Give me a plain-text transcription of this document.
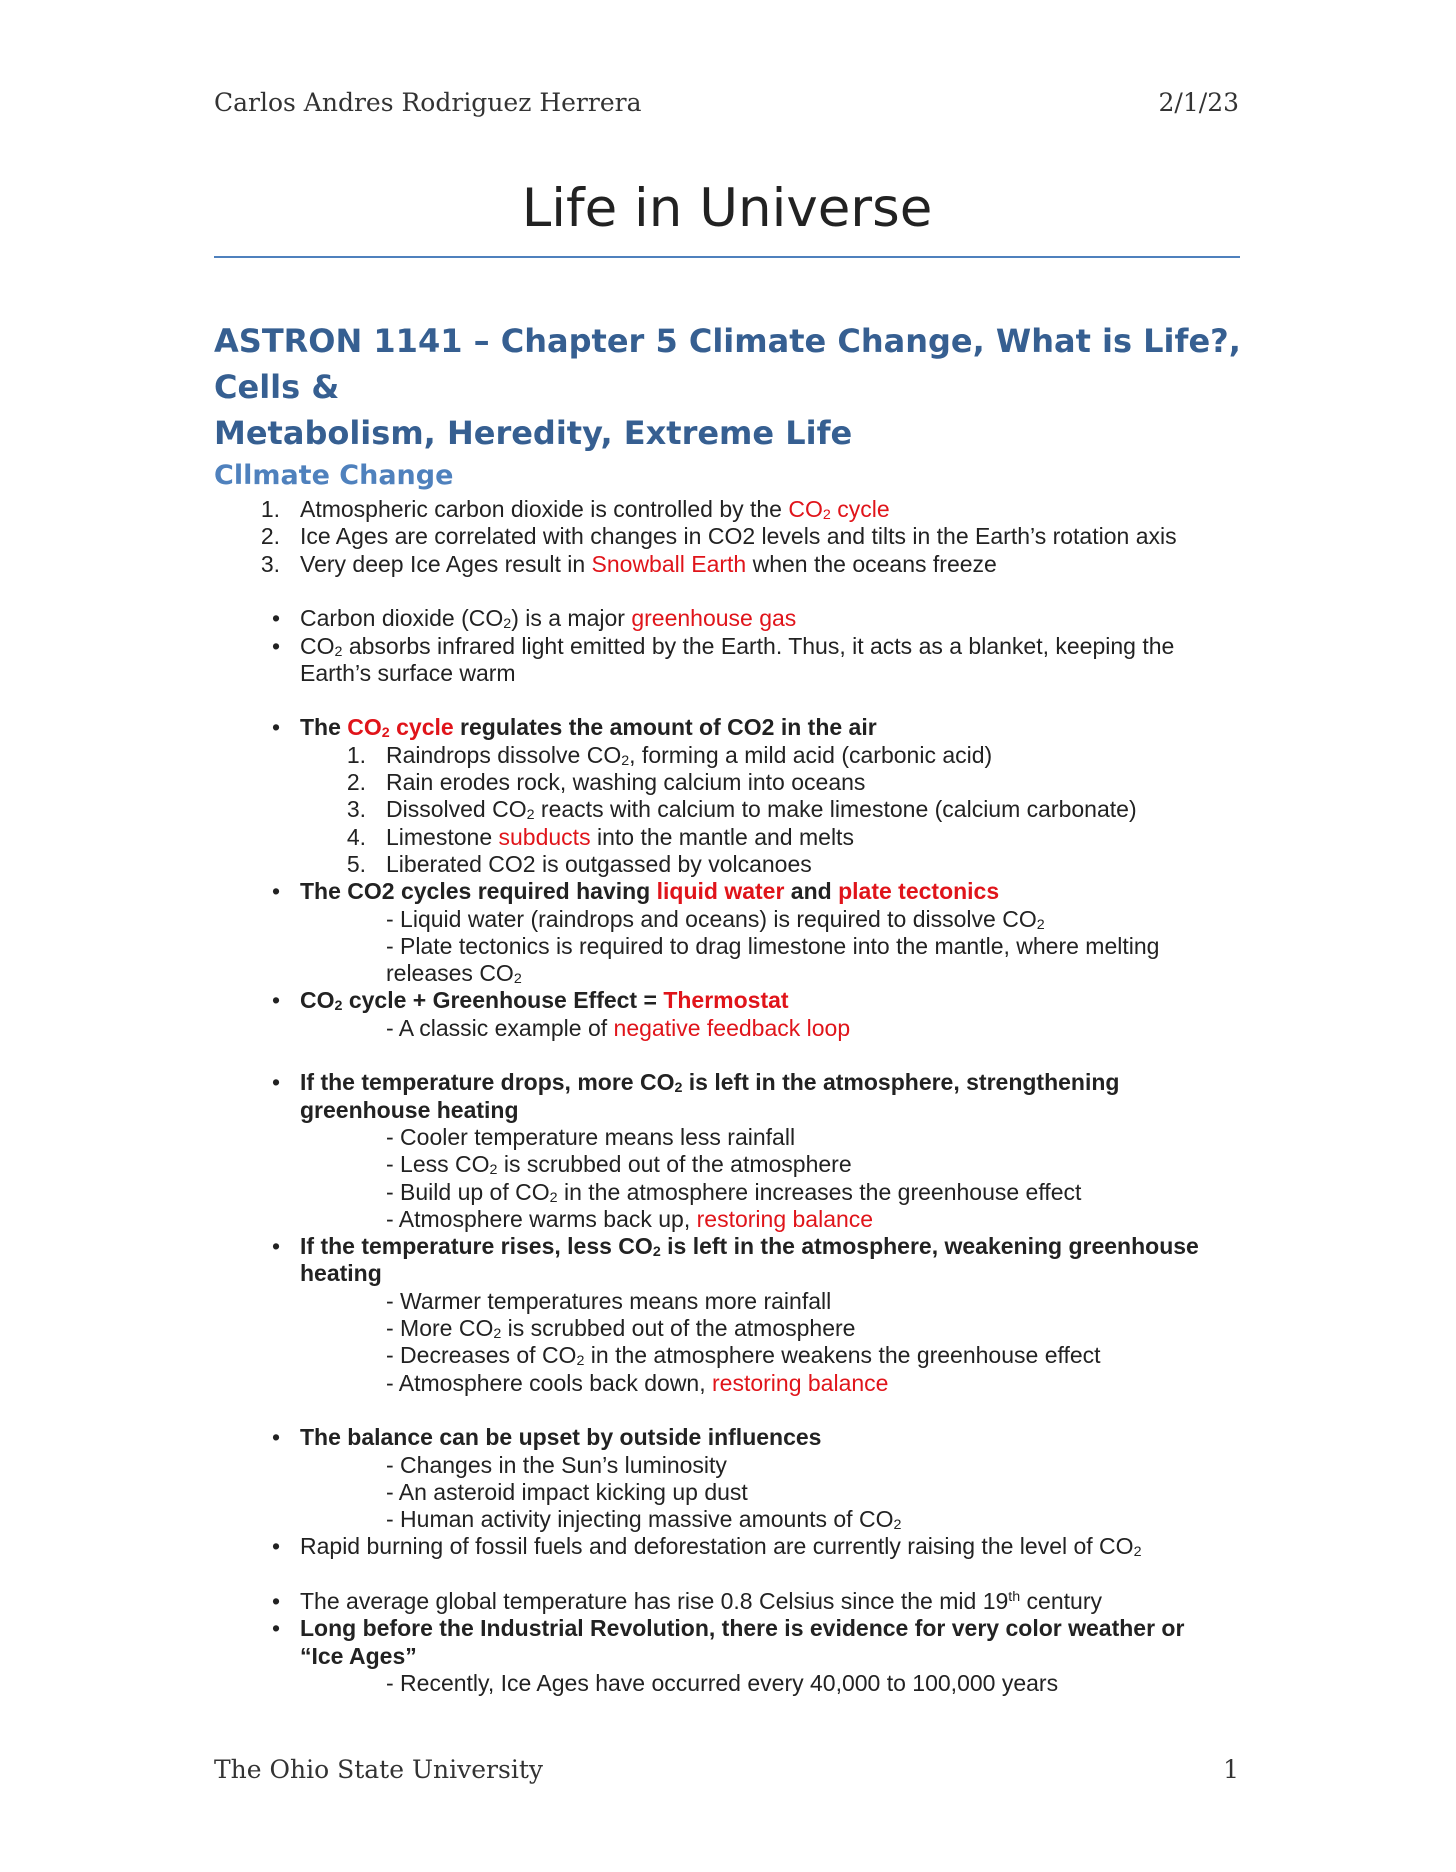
Carlos Andres Rodriguez Herrera	2/1/23
Life in Universe
ASTRON 1141 – Chapter 5 Climate Change, What is Life?, Cells &
Metabolism, Heredity, Extreme Life
Cllmate Change
1. Atmospheric carbon dioxide is controlled by the $CO_2$ cycle
2. Ice Ages are correlated with changes in CO2 levels and tilts in the Earth’s rotation axis
3. Very deep Ice Ages result in Snowball Earth when the oceans freeze
• Carbon dioxide $(CO_2)$ is a major greenhouse gas
• $CO_2$ absorbs infrared light emitted by the Earth. Thus, it acts as a blanket, keeping the
Earth’s surface warm
• The $CO_2$ cycle regulates the amount of CO2 in the air
1. Raindrops dissolve $CO_2$, forming a mild acid (carbonic acid)
2. Rain erodes rock, washing calcium into oceans
3. Dissolved $CO_2$ reacts with calcium to make limestone (calcium carbonate)
4. Limestone subducts into the mantle and melts
5. Liberated CO2 is outgassed by volcanoes
• The CO2 cycles required having liquid water and plate tectonics
- Liquid water (raindrops and oceans) is required to dissolve $CO_2$
- Plate tectonics is required to drag limestone into the mantle, where melting
releases $CO_2$
• $CO_2$ cycle + Greenhouse Effect = Thermostat
- A classic example of negative feedback loop
• If the temperature drops, more $CO_2$ is left in the atmosphere, strengthening
greenhouse heating
- Cooler temperature means less rainfall
- Less $CO_2$ is scrubbed out of the atmosphere
- Build up of $CO_2$ in the atmosphere increases the greenhouse effect
- Atmosphere warms back up, restoring balance
• If the temperature rises, less $CO_2$ is left in the atmosphere, weakening greenhouse
heating
- Warmer temperatures means more rainfall
- More $CO_2$ is scrubbed out of the atmosphere
- Decreases of $CO_2$ in the atmosphere weakens the greenhouse effect
- Atmosphere cools back down, restoring balance
• The balance can be upset by outside influences
- Changes in the Sun’s luminosity
- An asteroid impact kicking up dust
- Human activity injecting massive amounts of $CO_2$
• Rapid burning of fossil fuels and deforestation are currently raising the level of $CO_2$
• The average global temperature has rise 0.8 Celsius since the mid 19th century
• Long before the Industrial Revolution, there is evidence for very color weather or
“Ice Ages”
- Recently, Ice Ages have occurred every 40,000 to 100,000 years
The Ohio State University	1
